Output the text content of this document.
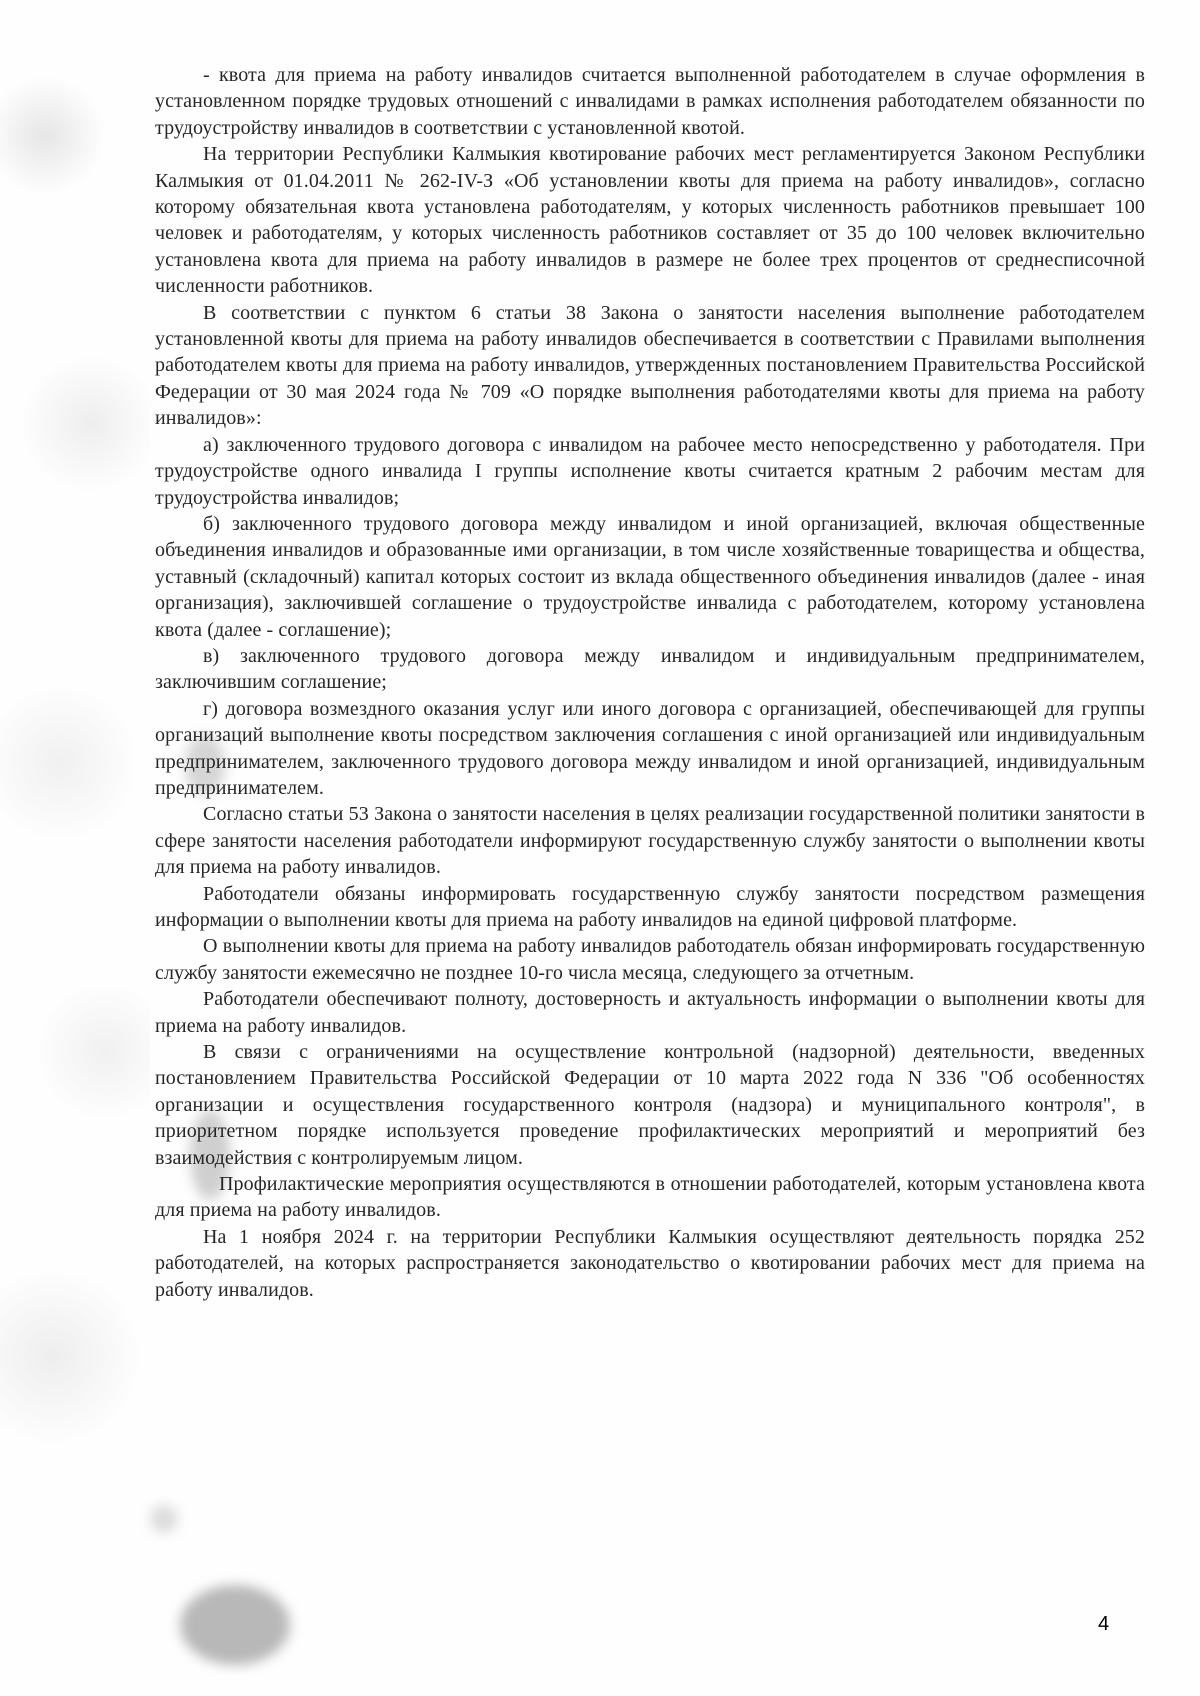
- квота для приема на работу инвалидов считается выполненной работодателем в случае оформления в установленном порядке трудовых отношений с инвалидами в рамках исполнения работодателем обязанности по трудоустройству инвалидов в соответствии с установленной квотой.

На территории Республики Калмыкия квотирование рабочих мест регламентируется Законом Республики Калмыкия от 01.04.2011 № 262-IV-З «Об установлении квоты для приема на работу инвалидов», согласно которому обязательная квота установлена работодателям, у которых численность работников превышает 100 человек и работодателям, у которых численность работников составляет от 35 до 100 человек включительно установлена квота для приема на работу инвалидов в размере не более трех процентов от среднесписочной численности работников.

В соответствии с пунктом 6 статьи 38 Закона о занятости населения выполнение работодателем установленной квоты для приема на работу инвалидов обеспечивается в соответствии с Правилами выполнения работодателем квоты для приема на работу инвалидов, утвержденных постановлением Правительства Российской Федерации от 30 мая 2024 года № 709 «О порядке выполнения работодателями квоты для приема на работу инвалидов»:

а) заключенного трудового договора с инвалидом на рабочее место непосредственно у работодателя. При трудоустройстве одного инвалида I группы исполнение квоты считается кратным 2 рабочим местам для трудоустройства инвалидов;

б) заключенного трудового договора между инвалидом и иной организацией, включая общественные объединения инвалидов и образованные ими организации, в том числе хозяйственные товарищества и общества, уставный (складочный) капитал которых состоит из вклада общественного объединения инвалидов (далее - иная организация), заключившей соглашение о трудоустройстве инвалида с работодателем, которому установлена квота (далее - соглашение);

в) заключенного трудового договора между инвалидом и индивидуальным предпринимателем, заключившим соглашение;

г) договора возмездного оказания услуг или иного договора с организацией, обеспечивающей для группы организаций выполнение квоты посредством заключения соглашения с иной организацией или индивидуальным предпринимателем, заключенного трудового договора между инвалидом и иной организацией, индивидуальным предпринимателем.

Согласно статьи 53 Закона о занятости населения в целях реализации государственной политики занятости в сфере занятости населения работодатели информируют государственную службу занятости о выполнении квоты для приема на работу инвалидов.

Работодатели обязаны информировать государственную службу занятости посредством размещения информации о выполнении квоты для приема на работу инвалидов на единой цифровой платформе.

О выполнении квоты для приема на работу инвалидов работодатель обязан информировать государственную службу занятости ежемесячно не позднее 10-го числа месяца, следующего за отчетным.

Работодатели обеспечивают полноту, достоверность и актуальность информации о выполнении квоты для приема на работу инвалидов.

В связи с ограничениями на осуществление контрольной (надзорной) деятельности, введенных постановлением Правительства Российской Федерации от 10 марта 2022 года N 336 "Об особенностях организации и осуществления государственного контроля (надзора) и муниципального контроля", в приоритетном порядке используется проведение профилактических мероприятий и мероприятий без взаимодействия с контролируемым лицом.

Профилактические мероприятия осуществляются в отношении работодателей, которым установлена квота для приема на работу инвалидов.

На 1 ноября 2024 г. на территории Республики Калмыкия осуществляют деятельность порядка 252 работодателей, на которых распространяется законодательство о квотировании рабочих мест для приема на работу инвалидов.

4
